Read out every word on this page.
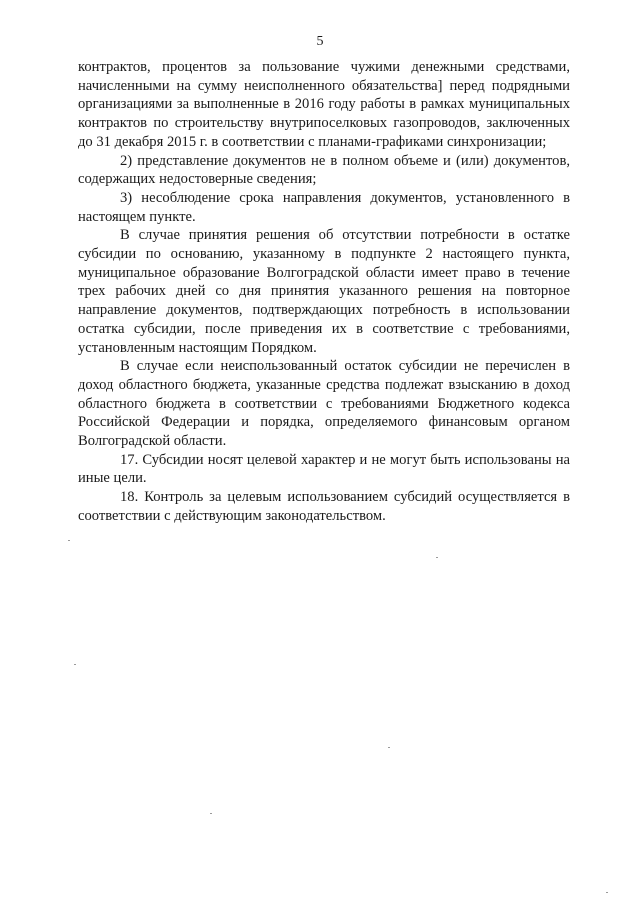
5

контрактов, процентов за пользование чужими денежными средствами, начисленными на сумму неисполненного обязательства] перед подрядными организациями за выполненные в 2016 году работы в рамках муниципальных контрактов по строительству внутрипоселковых газопроводов, заключенных до 31 декабря 2015 г. в соответствии с планами-графиками синхронизации;

2) представление документов не в полном объеме и (или) документов, содержащих недостоверные сведения;

3) несоблюдение срока направления документов, установленного в настоящем пункте.

В случае принятия решения об отсутствии потребности в остатке субсидии по основанию, указанному в подпункте 2 настоящего пункта, муниципальное образование Волгоградской области имеет право в течение трех рабочих дней со дня принятия указанного решения на повторное направление документов, подтверждающих потребность в использовании остатка субсидии, после приведения их в соответствие с требованиями, установленным настоящим Порядком.

В случае если неиспользованный остаток субсидии не перечислен в доход областного бюджета, указанные средства подлежат взысканию в доход областного бюджета в соответствии с требованиями Бюджетного кодекса Российской Федерации и порядка, определяемого финансовым органом Волгоградской области.

17. Субсидии носят целевой характер и не могут быть использованы на иные цели.

18. Контроль за целевым использованием субсидий осуществляется в соответствии с действующим законодательством.
